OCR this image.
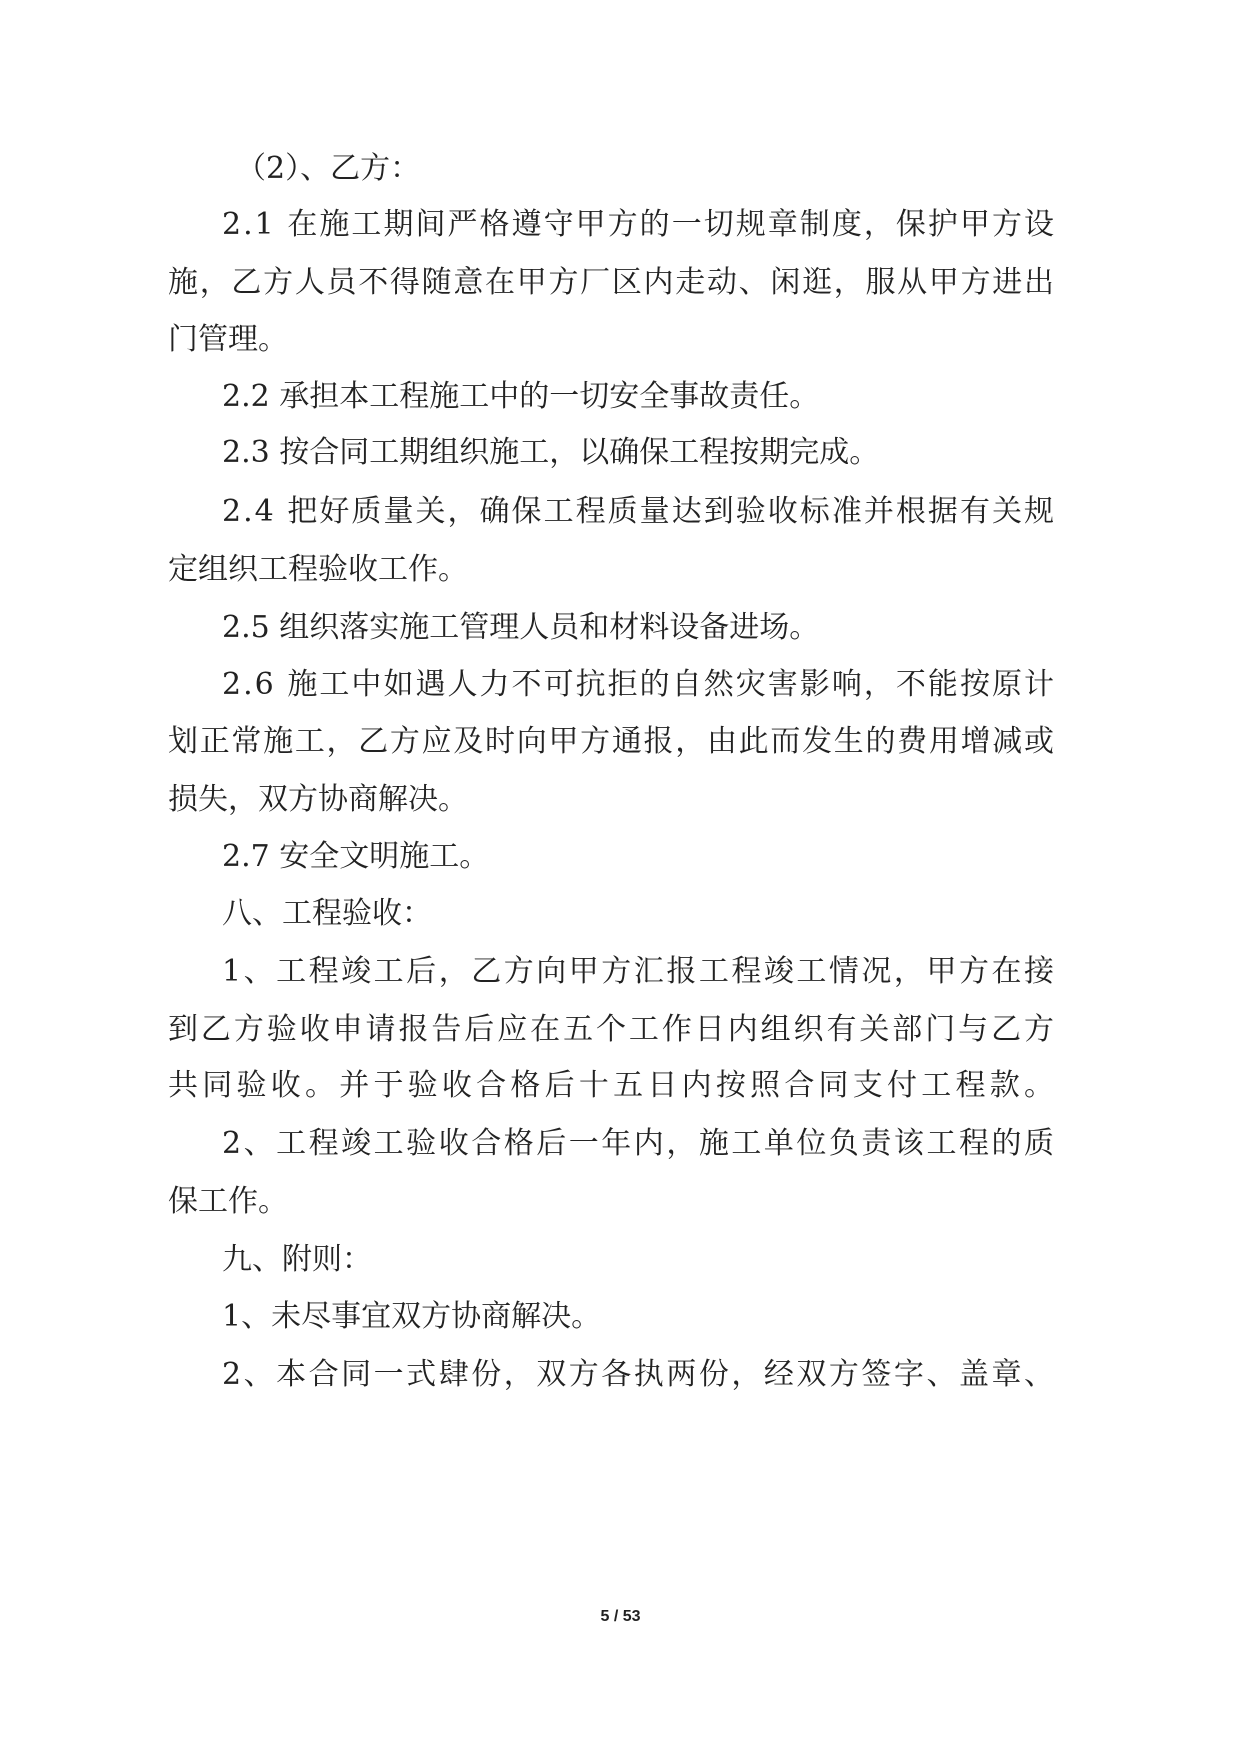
（2）、乙方：
2.1 在施工期间严格遵守甲方的一切规章制度，保护甲方设
施，乙方人员不得随意在甲方厂区内走动、闲逛，服从甲方进出
门管理。
2.2 承担本工程施工中的一切安全事故责任。
2.3 按合同工期组织施工，以确保工程按期完成。
2.4 把好质量关，确保工程质量达到验收标准并根据有关规
定组织工程验收工作。
2.5 组织落实施工管理人员和材料设备进场。
2.6 施工中如遇人力不可抗拒的自然灾害影响，不能按原计
划正常施工，乙方应及时向甲方通报，由此而发生的费用增减或
损失，双方协商解决。
2.7 安全文明施工。
八、工程验收：
1、工程竣工后，乙方向甲方汇报工程竣工情况，甲方在接
到乙方验收申请报告后应在五个工作日内组织有关部门与乙方
共同验收。并于验收合格后十五日内按照合同支付工程款。
2、工程竣工验收合格后一年内，施工单位负责该工程的质
保工作。
九、附则：
1、未尽事宜双方协商解决。
2、本合同一式肆份，双方各执两份，经双方签字、盖章、
5 / 53
